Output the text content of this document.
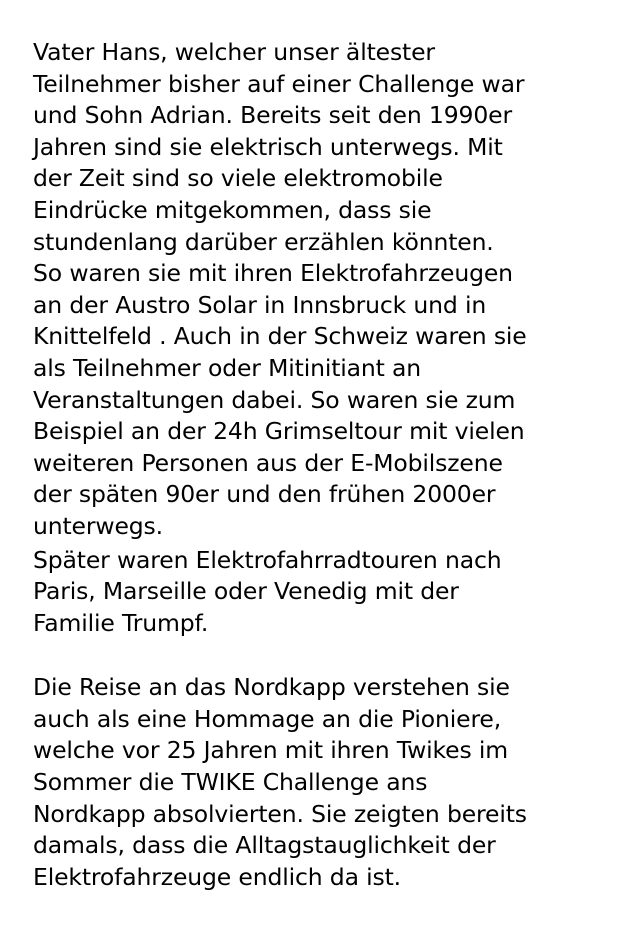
Vater Hans, welcher unser ältester
Teilnehmer bisher auf einer Challenge war
und Sohn Adrian. Bereits seit den 1990er
Jahren sind sie elektrisch unterwegs. Mit
der Zeit sind so viele elektromobile
Eindrücke mitgekommen, dass sie
stundenlang darüber erzählen könnten.
So waren sie mit ihren Elektrofahrzeugen
an der Austro Solar in Innsbruck und in
Knittelfeld . Auch in der Schweiz waren sie
als Teilnehmer oder Mitinitiant an
Veranstaltungen dabei. So waren sie zum
Beispiel an der 24h Grimseltour mit vielen
weiteren Personen aus der E-Mobilszene
der späten 90er und den frühen 2000er
unterwegs.

Später waren Elektrofahrradtouren nach
Paris, Marseille oder Venedig mit der
Familie Trumpf.

Die Reise an das Nordkapp verstehen sie
auch als eine Hommage an die Pioniere,
welche vor 25 Jahren mit ihren Twikes im
Sommer die TWIKE Challenge ans
Nordkapp absolvierten. Sie zeigten bereits
damals, dass die Alltagstauglichkeit der
Elektrofahrzeuge endlich da ist.
